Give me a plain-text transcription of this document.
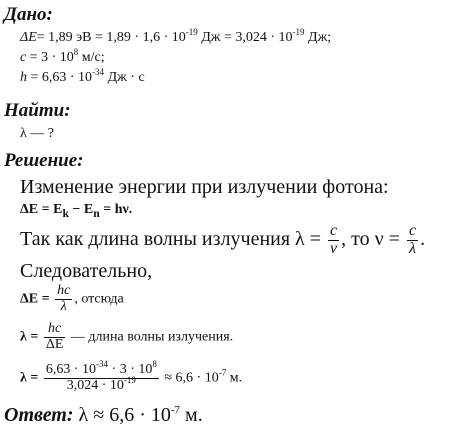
Дано:
ΔE= 1,89 эВ = $1,89 \cdot 1,6 \cdot 10^{-19}$ Дж = $3,024 \cdot 10^{-19}$ Дж;
$c = 3 \cdot 10^8$ м/с;
$h = 6,63 \cdot 10^{-34}$ Дж · с
Найти:
λ — ?
Решение:
Изменение энергии при излучении фотона:
$\Delta E = E_k - E_n = h\nu$.
Так как длина волны излучения $\lambda = \frac{c}{\nu}$ , то $\nu = \frac{c}{\lambda}$ .
Следовательно,
$\Delta E = \frac{hc}{\lambda}$ , отсюда
$\lambda = \frac{hc}{\Delta E}$ — длина волны излучения.
$\lambda = \frac{6,63 \cdot 10^{-34} \cdot 3 \cdot 10^8}{3,024 \cdot 10^{-19}} \approx 6,6 \cdot 10^{-7}$ м.
Ответ: $\lambda \approx 6,6 \cdot 10^{-7}$ м.
